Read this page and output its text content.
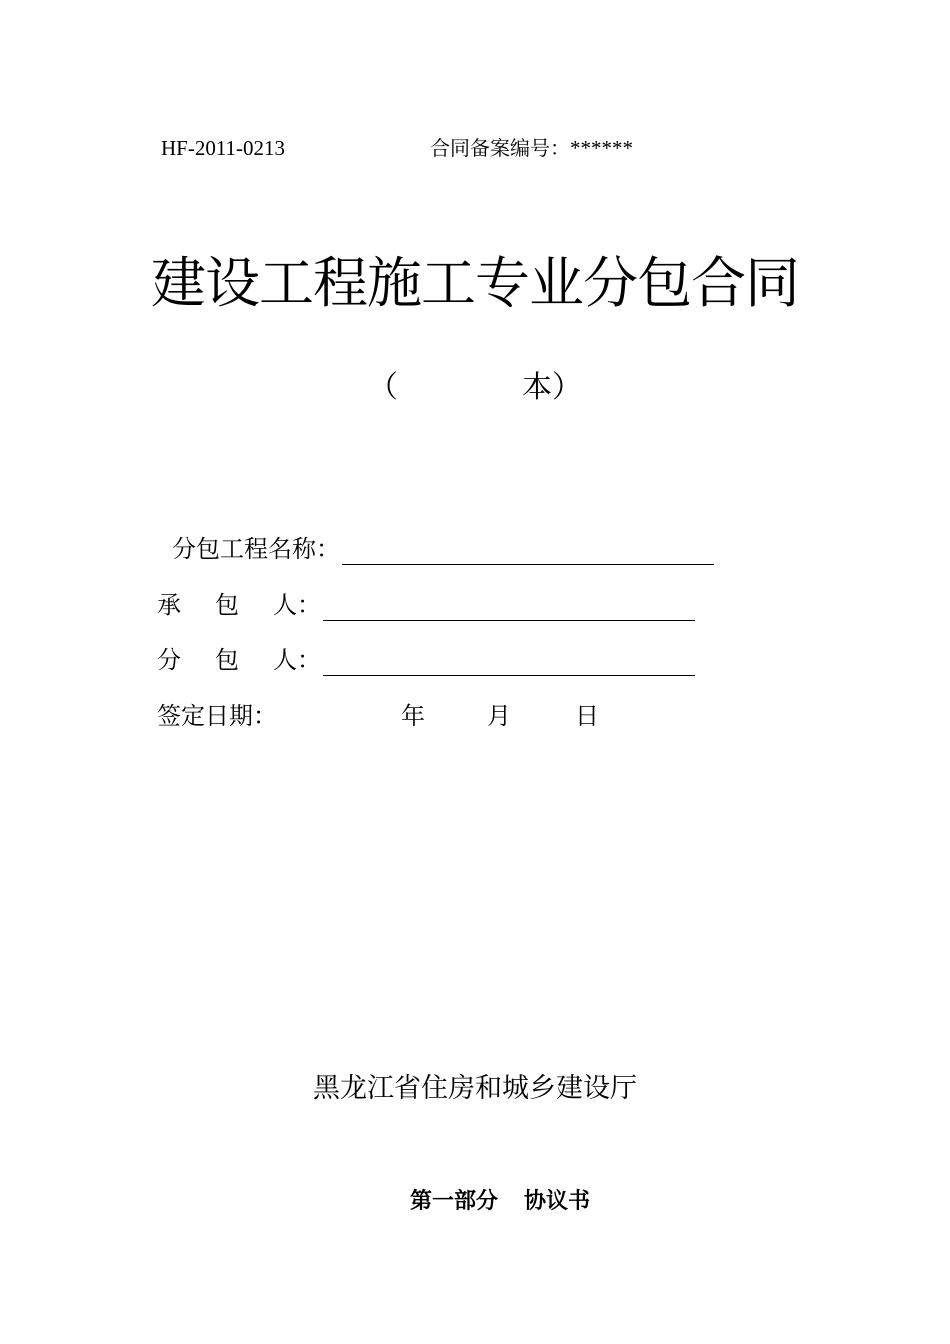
HF-2011-0213	合同备案编号：******
建设工程施工专业分包合同
（	本）
分包工程名称：
承 包 人：
分 包 人：
签定日期：	年	月	日
黑龙江省住房和城乡建设厅
第一部分 协议书
